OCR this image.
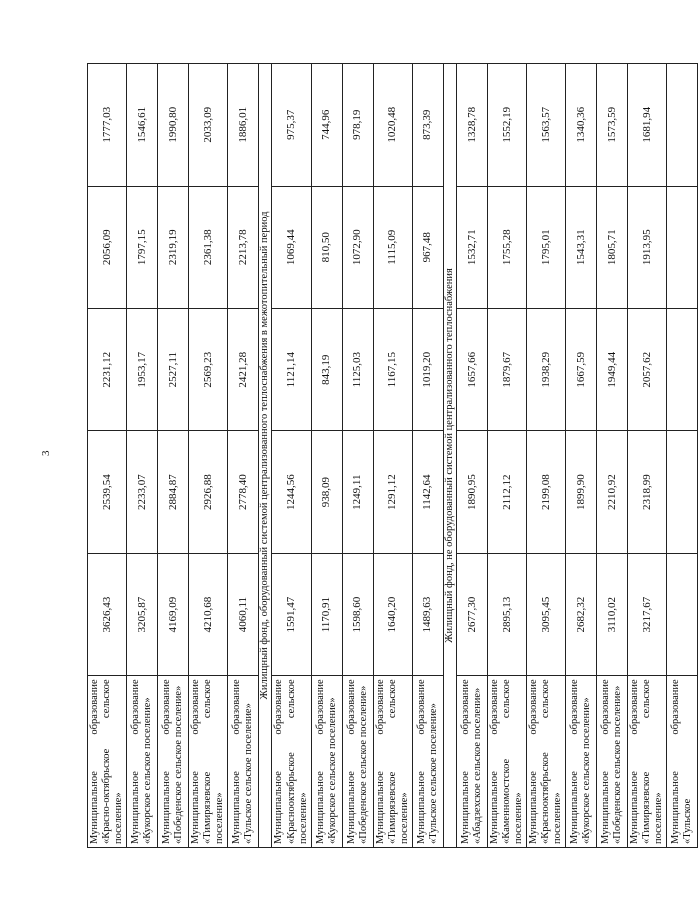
3
Муниципальное образование «Красно-октябрьское сельское поселение»	3626,43	2539,54	2231,12	2056,09	1777,03
Муниципальное образование «Кукорское сельское поселение»	3205,87	2233,07	1953,17	1797,15	1546,61
Муниципальное образование «Победенское сельское поселение»	4169,09	2884,87	2527,11	2319,19	1990,80
Муниципальное образование «Тимирязевское сельское поселение»	4210,68	2926,88	2569,23	2361,38	2033,09
Муниципальное образование «Тульское сельское поселение»	4060,11	2778,40	2421,28	2213,78	1886,01
Жилищный фонд, оборудованный системой централизованного теплоснабжения в межотопительный период					
Муниципальное образование «Краснооктябрьское сельское поселение»	1591,47	1244,56	1121,14	1069,44	975,37
Муниципальное образование «Кукорское сельское поселение»	1170,91	938,09	843,19	810,50	744,96
Муниципальное образование «Победенское сельское поселение»	1598,60	1249,11	1125,03	1072,90	978,19
Муниципальное образование «Тимирязевское сельское поселение»	1640,20	1291,12	1167,15	1115,09	1020,48
Муниципальное образование «Тульское сельское поселение»	1489,63	1142,64	1019,20	967,48	873,39
Жилищный фонд, не оборудованный системой централизованного теплоснабжения					
Муниципальное образование «Абадзехское сельское поселение»	2677,30	1890,95	1657,66	1532,71	1328,78
Муниципальное образование «Каменномостское сельское поселение»	2895,13	2112,12	1879,67	1755,28	1552,19
Муниципальное образование «Краснооктябрьское сельское поселение»	3095,45	2199,08	1938,29	1795,01	1563,57
Муниципальное образование «Кукорское сельское поселение»	2682,32	1899,90	1667,59	1543,31	1340,36
Муниципальное образование «Победенское сельское поселение»	3110,02	2210,92	1949,44	1805,71	1573,59
Муниципальное образование «Тимирязевское сельское поселение»	3217,67	2318,99	2057,62	1913,95	1681,94
Муниципальное образование «Тульское					
